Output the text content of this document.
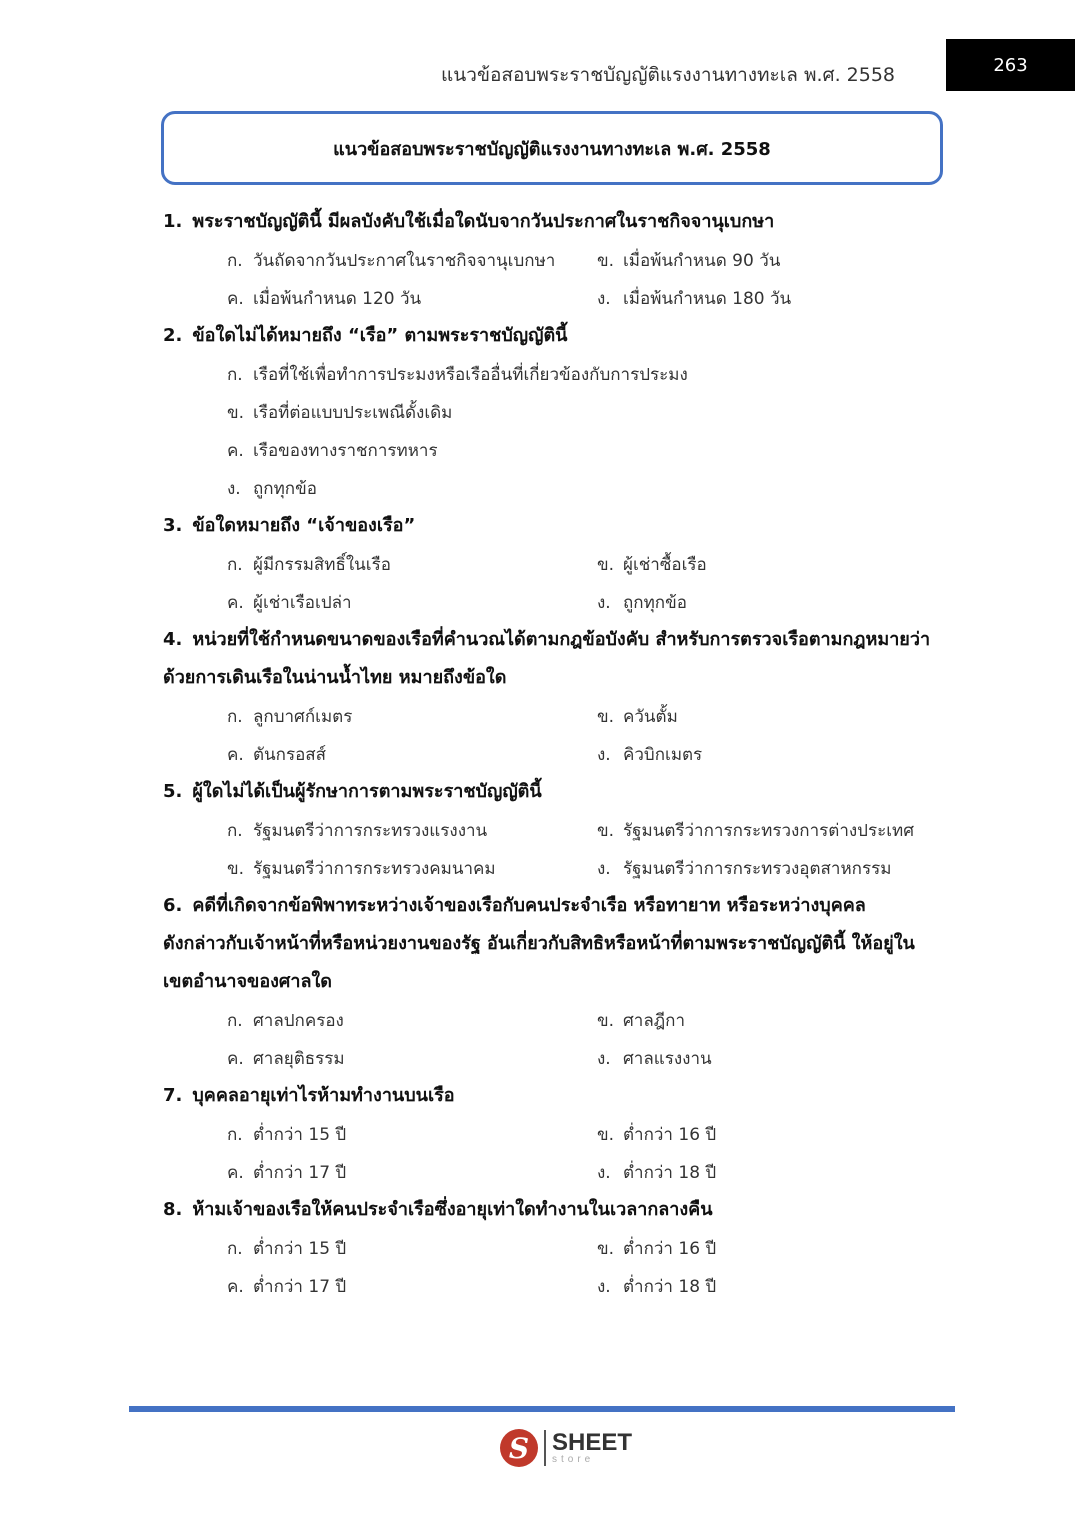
แนวข้อสอบพระราชบัญญัติแรงงานทางทะเล พ.ศ. 2558	263
แนวข้อสอบพระราชบัญญัติแรงงานทางทะเล พ.ศ. 2558
1. พระราชบัญญัตินี้ มีผลบังคับใช้เมื่อใดนับจากวันประกาศในราชกิจจานุเบกษา
ก. วันถัดจากวันประกาศในราชกิจจานุเบกษา	ข. เมื่อพ้นกำหนด 90 วัน
ค. เมื่อพ้นกำหนด 120 วัน	ง. เมื่อพ้นกำหนด 180 วัน
2. ข้อใดไม่ได้หมายถึง “เรือ” ตามพระราชบัญญัตินี้
ก. เรือที่ใช้เพื่อทำการประมงหรือเรืออื่นที่เกี่ยวข้องกับการประมง
ข. เรือที่ต่อแบบประเพณีดั้งเดิม
ค. เรือของทางราชการทหาร
ง. ถูกทุกข้อ
3. ข้อใดหมายถึง “เจ้าของเรือ”
ก. ผู้มีกรรมสิทธิ์ในเรือ	ข. ผู้เช่าซื้อเรือ
ค. ผู้เช่าเรือเปล่า	ง. ถูกทุกข้อ
4. หน่วยที่ใช้กำหนดขนาดของเรือที่คำนวณได้ตามกฎข้อบังคับ สำหรับการตรวจเรือตามกฎหมายว่า
ด้วยการเดินเรือในน่านน้ำไทย หมายถึงข้อใด
ก. ลูกบาศก์เมตร	ข. ควันตั้ม
ค. ตันกรอสส์	ง. คิวบิกเมตร
5. ผู้ใดไม่ได้เป็นผู้รักษาการตามพระราชบัญญัตินี้
ก. รัฐมนตรีว่าการกระทรวงแรงงาน	ข. รัฐมนตรีว่าการกระทรวงการต่างประเทศ
ข. รัฐมนตรีว่าการกระทรวงคมนาคม	ง. รัฐมนตรีว่าการกระทรวงอุตสาหกรรม
6. คดีที่เกิดจากข้อพิพาทระหว่างเจ้าของเรือกับคนประจำเรือ หรือทายาท หรือระหว่างบุคคล
ดังกล่าวกับเจ้าหน้าที่หรือหน่วยงานของรัฐ อันเกี่ยวกับสิทธิหรือหน้าที่ตามพระราชบัญญัตินี้ ให้อยู่ใน
เขตอำนาจของศาลใด
ก. ศาลปกครอง	ข. ศาลฎีกา
ค. ศาลยุติธรรม	ง. ศาลแรงงาน
7. บุคคลอายุเท่าไรห้ามทำงานบนเรือ
ก. ต่ำกว่า 15 ปี	ข. ต่ำกว่า 16 ปี
ค. ต่ำกว่า 17 ปี	ง. ต่ำกว่า 18 ปี
8. ห้ามเจ้าของเรือให้คนประจำเรือซึ่งอายุเท่าใดทำงานในเวลากลางคืน
ก. ต่ำกว่า 15 ปี	ข. ต่ำกว่า 16 ปี
ค. ต่ำกว่า 17 ปี	ง. ต่ำกว่า 18 ปี
S SHEET
store
